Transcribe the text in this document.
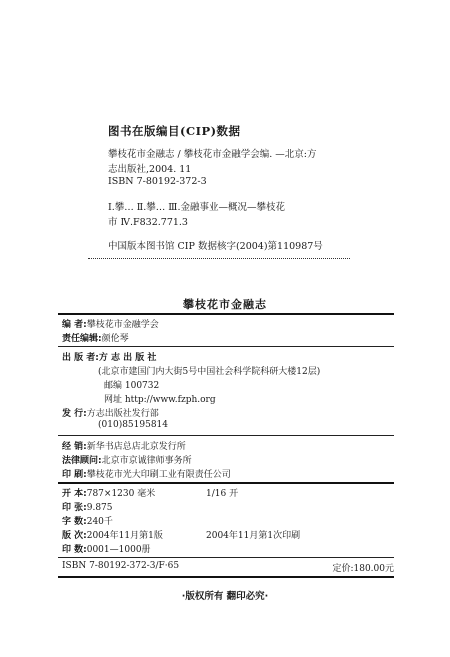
图书在版编目(CIP)数据
攀枝花市金融志 / 攀枝花市金融学会编. —北京:方
志出版社,2004. 11
ISBN 7-80192-372-3
Ⅰ.攀… Ⅱ.攀… Ⅲ.金融事业—概况—攀枝花
市 Ⅳ.F832.771.3
中国版本图书馆 CIP 数据核字(2004)第110987号
攀枝花市金融志
编 者:攀枝花市金融学会
责任编辑:颜伦琴
出 版 者:方 志 出 版 社
(北京市建国门内大街5号中国社会科学院科研大楼12层)
邮编 100732
网址 http://www.fzph.org
发 行:方志出版社发行部
(010)85195814
经 销:新华书店总店北京发行所
法律顾问:北京市京诚律师事务所
印 刷:攀枝花市光大印刷工业有限责任公司
开 本:787×1230 毫米	1/16 开
印 张:9.875
字 数:240千
版 次:2004年11月第1版	2004年11月第1次印刷
印 数:0001—1000册
ISBN 7-80192-372-3/F·65	定价:180.00元
·版权所有 翻印必究·
